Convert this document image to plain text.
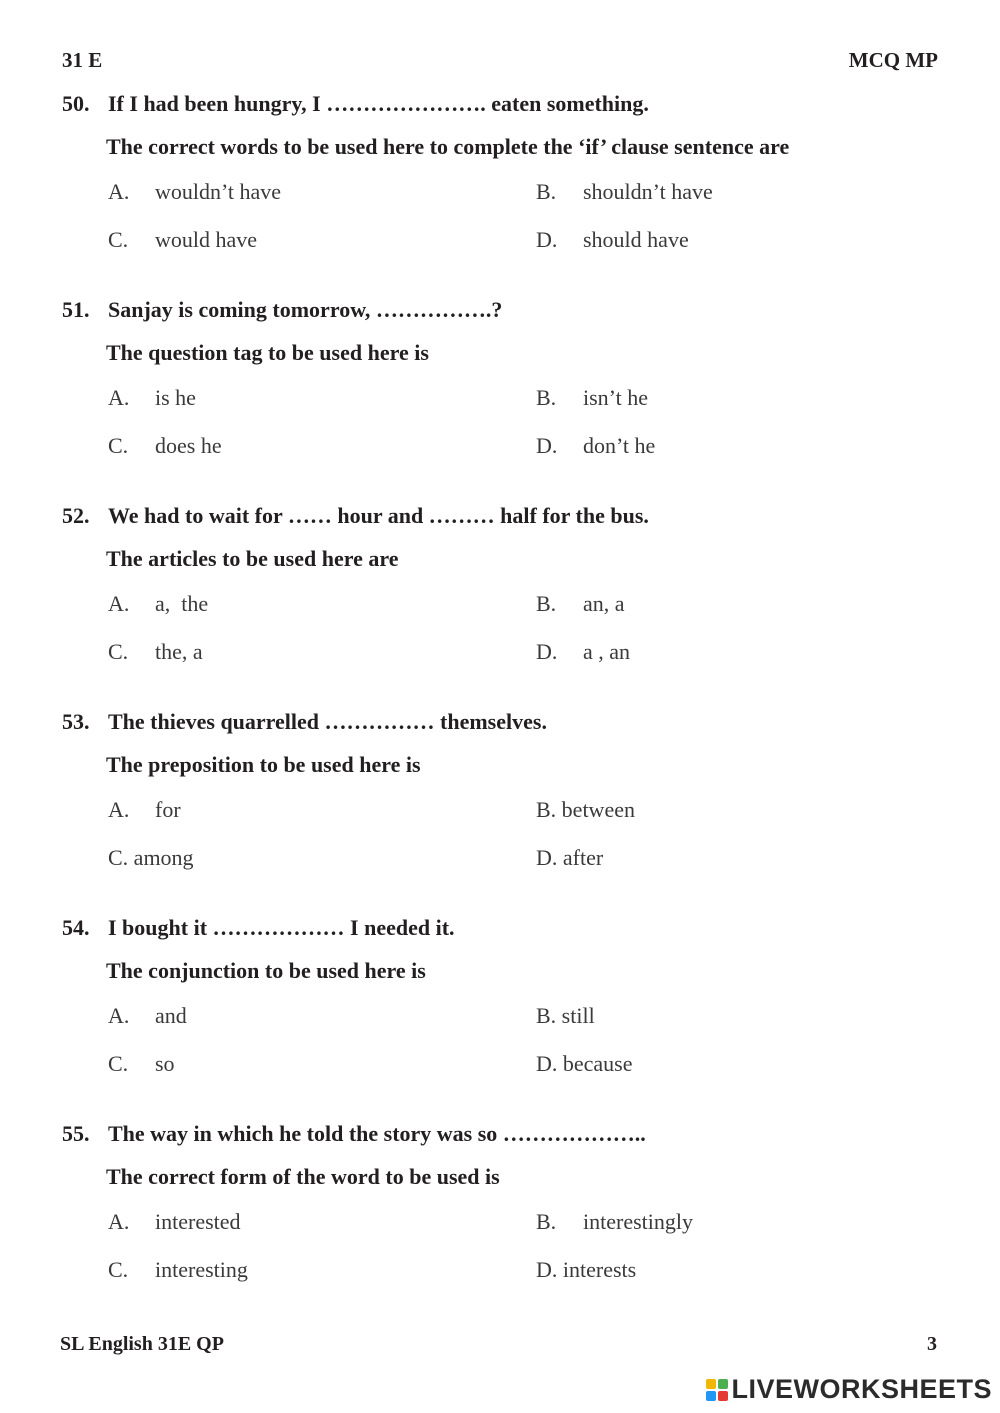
31 E	MCQ MP
50. If I had been hungry, I …………………. eaten something.
The correct words to be used here to complete the ‘if’ clause sentence are
A.	wouldn’t have	B.	shouldn’t have
C.	would have	D.	should have
51. Sanjay is coming tomorrow, …………….?
The question tag to be used here is
A.	is he	B.	isn’t he
C.	does he	D.	don’t he
52. We had to wait for …… hour and ……… half for the bus.
The articles to be used here are
A.	a,  the	B.	an, a
C.	the, a	D.	a , an
53. The thieves quarrelled …………… themselves.
The preposition to be used here is
A.	for	B. between
C. among	D. after
54. I bought it ……………… I needed it.
The conjunction to be used here is
A.	and	B. still
C.	so	D. because
55. The way in which he told the story was so ………………..
The correct form of the word to be used is
A.	interested	B.	interestingly
C.	interesting	D. interests
SL English 31E QP	3
LIVEWORKSHEETS
